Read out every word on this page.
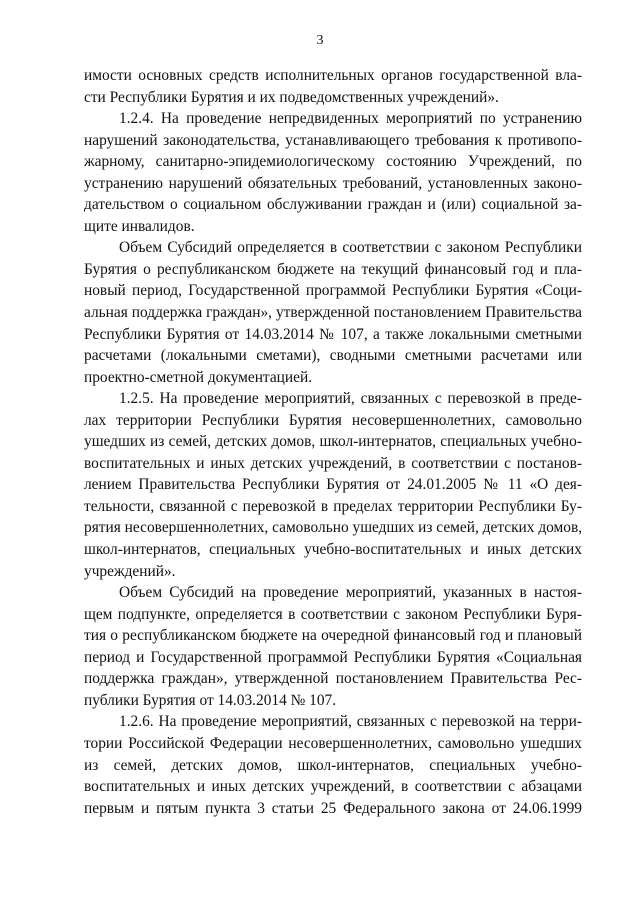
3
имости основных средств исполнительных органов государственной вла-
сти Республики Бурятия и их подведомственных учреждений».
1.2.4. На проведение непредвиденных мероприятий по устранению
нарушений законодательства, устанавливающего требования к противопо-
жарному, санитарно-эпидемиологическому состоянию Учреждений, по
устранению нарушений обязательных требований, установленных законо-
дательством о социальном обслуживании граждан и (или) социальной за-
щите инвалидов.
Объем Субсидий определяется в соответствии с законом Республики
Бурятия о республиканском бюджете на текущий финансовый год и пла-
новый период, Государственной программой Республики Бурятия «Соци-
альная поддержка граждан», утвержденной постановлением Правительства
Республики Бурятия от 14.03.2014 № 107, а также локальными сметными
расчетами (локальными сметами), сводными сметными расчетами или
проектно-сметной документацией.
1.2.5. На проведение мероприятий, связанных с перевозкой в преде-
лах территории Республики Бурятия несовершеннолетних, самовольно
ушедших из семей, детских домов, школ-интернатов, специальных учебно-
воспитательных и иных детских учреждений, в соответствии с постанов-
лением Правительства Республики Бурятия от 24.01.2005 № 11 «О дея-
тельности, связанной с перевозкой в пределах территории Республики Бу-
рятия несовершеннолетних, самовольно ушедших из семей, детских домов,
школ-интернатов, специальных учебно-воспитательных и иных детских
учреждений».
Объем Субсидий на проведение мероприятий, указанных в настоя-
щем подпункте, определяется в соответствии с законом Республики Буря-
тия о республиканском бюджете на очередной финансовый год и плановый
период и Государственной программой Республики Бурятия «Социальная
поддержка граждан», утвержденной постановлением Правительства Рес-
публики Бурятия от 14.03.2014 № 107.
1.2.6. На проведение мероприятий, связанных с перевозкой на терри-
тории Российской Федерации несовершеннолетних, самовольно ушедших
из семей, детских домов, школ-интернатов, специальных учебно-
воспитательных и иных детских учреждений, в соответствии с абзацами
первым и пятым пункта 3 статьи 25 Федерального закона от 24.06.1999
